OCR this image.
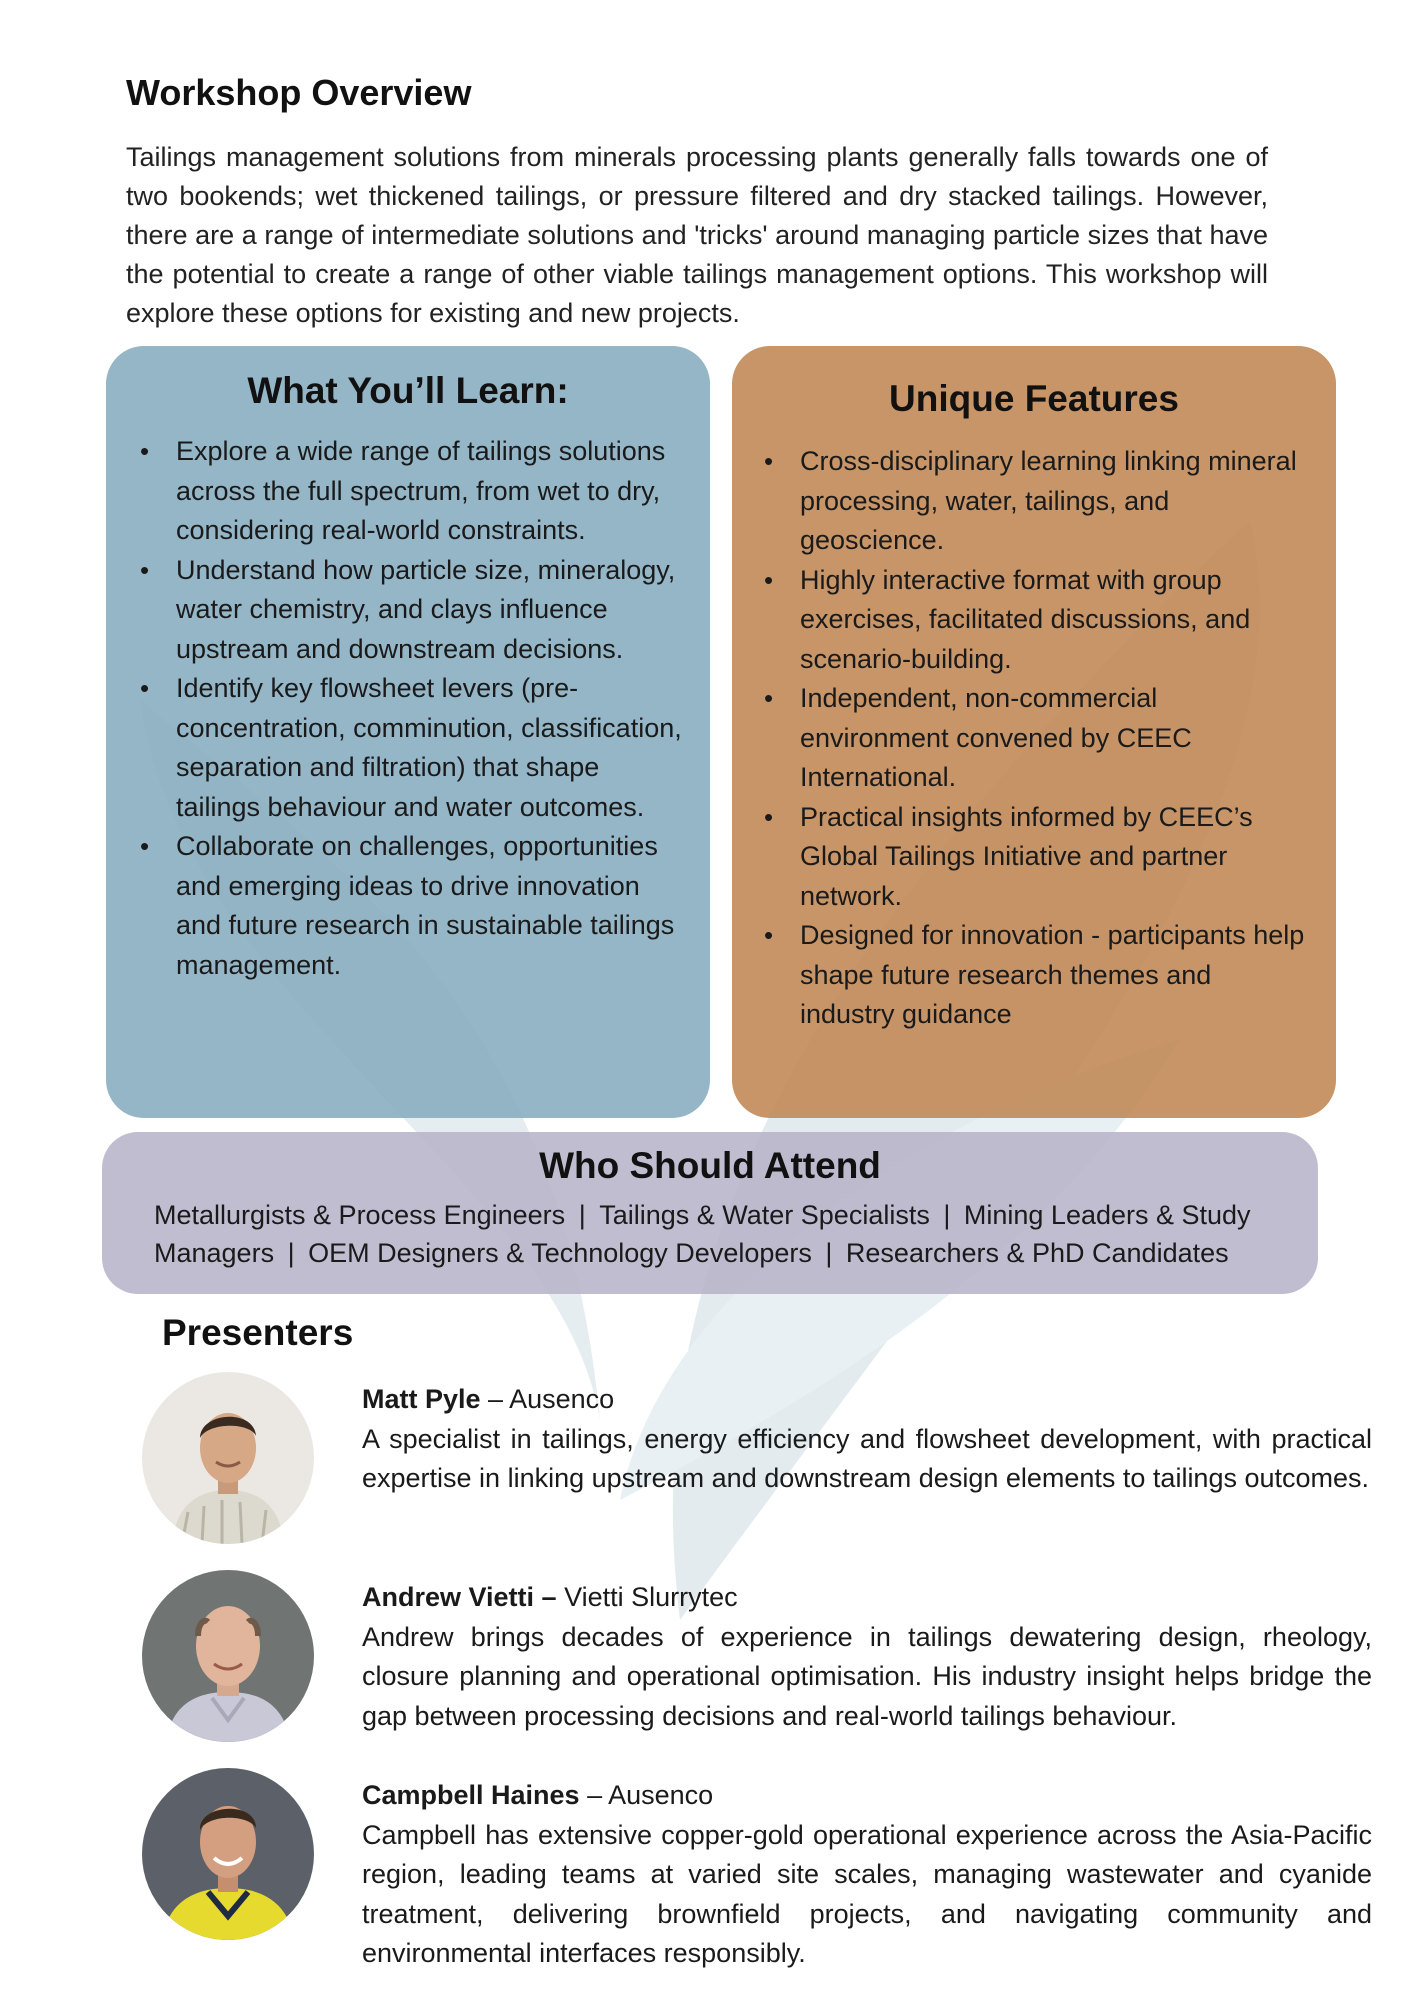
Workshop Overview

Tailings management solutions from minerals processing plants generally falls towards one of two bookends; wet thickened tailings, or pressure filtered and dry stacked tailings. However, there are a range of intermediate solutions and 'tricks' around managing particle sizes that have the potential to create a range of other viable tailings management options. This workshop will explore these options for existing and new projects.

What You’ll Learn:
• Explore a wide range of tailings solutions across the full spectrum, from wet to dry, considering real-world constraints.
• Understand how particle size, mineralogy, water chemistry, and clays influence upstream and downstream decisions.
• Identify key flowsheet levers (pre-concentration, comminution, classification, separation and filtration) that shape tailings behaviour and water outcomes.
• Collaborate on challenges, opportunities and emerging ideas to drive innovation and future research in sustainable tailings management.
Unique Features
• Cross-disciplinary learning linking mineral processing, water, tailings, and geoscience.
• Highly interactive format with group exercises, facilitated discussions, and scenario-building.
• Independent, non-commercial environment convened by CEEC International.
• Practical insights informed by CEEC’s Global Tailings Initiative and partner network.
• Designed for innovation - participants help shape future research themes and industry guidance
Who Should Attend
Metallurgists & Process Engineers | Tailings & Water Specialists | Mining Leaders & Study Managers | OEM Designers & Technology Developers | Researchers & PhD Candidates
Presenters
Matt Pyle – Ausenco

A specialist in tailings, energy efficiency and flowsheet development, with practical expertise in linking upstream and downstream design elements to tailings outcomes.

Andrew Vietti – Vietti Slurrytec

Andrew brings decades of experience in tailings dewatering design, rheology, closure planning and operational optimisation. His industry insight helps bridge the gap between processing decisions and real-world tailings behaviour.

Campbell Haines – Ausenco

Campbell has extensive copper-gold operational experience across the Asia-Pacific region, leading teams at varied site scales, managing wastewater and cyanide treatment, delivering brownfield projects, and navigating community and environmental interfaces responsibly.
